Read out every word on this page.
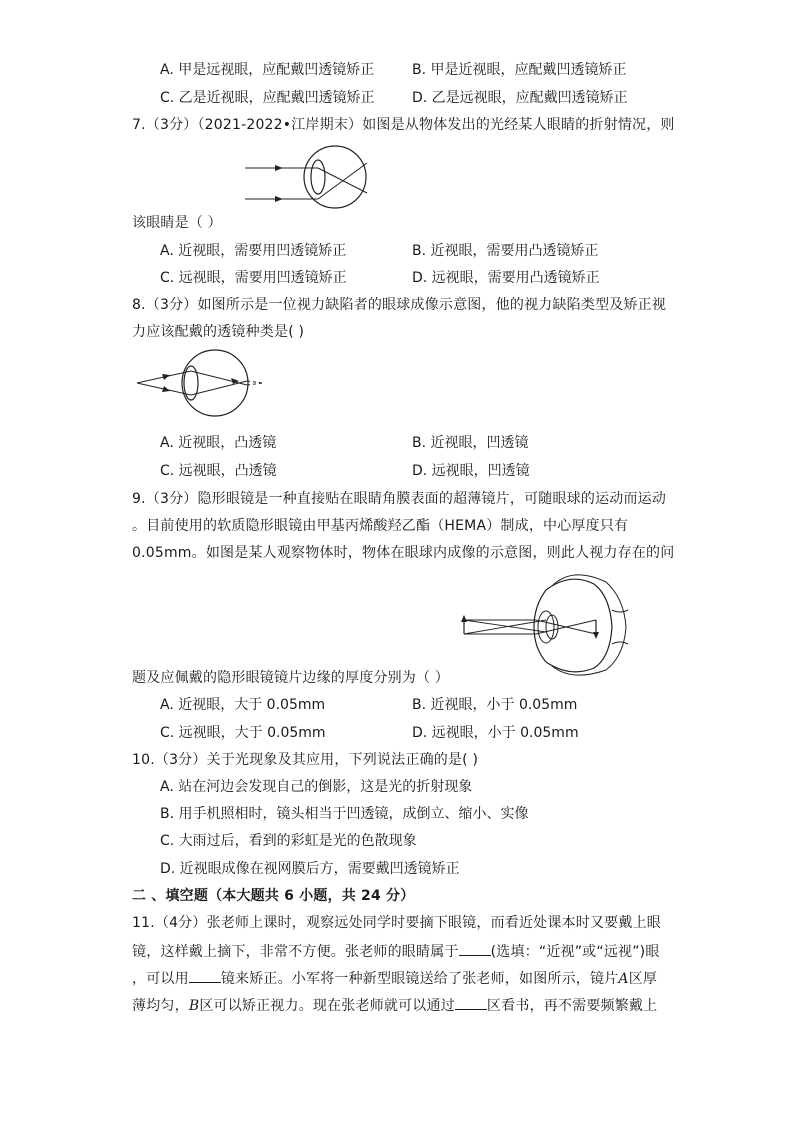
A. 甲是远视眼，应配戴凹透镜矫正	B. 甲是近视眼，应配戴凹透镜矫正
C. 乙是近视眼，应配戴凹透镜矫正	D. 乙是远视眼，应配戴凹透镜矫正
7.（3分）（2021-2022•江岸期末）如图是从物体发出的光经某人眼睛的折射情况，则
该眼睛是（ ）
A. 近视眼，需要用凹透镜矫正	B. 近视眼，需要用凸透镜矫正
C. 远视眼，需要用凹透镜矫正	D. 远视眼，需要用凸透镜矫正
8.（3分）如图所示是一位视力缺陷者的眼球成像示意图，他的视力缺陷类型及矫正视
力应该配戴的透镜种类是( )
A. 近视眼，凸透镜	B. 近视眼，凹透镜
C. 远视眼，凸透镜	D. 远视眼，凹透镜
9.（3分）隐形眼镜是一种直接贴在眼睛角膜表面的超薄镜片，可随眼球的运动而运动
。目前使用的软质隐形眼镜由甲基丙烯酸羟乙酯（HEMA）制成，中心厚度只有
0.05mm。如图是某人观察物体时，物体在眼球内成像的示意图，则此人视力存在的问
题及应佩戴的隐形眼镜镜片边缘的厚度分别为（ ）
A. 近视眼，大于 0.05mm	B. 近视眼，小于 0.05mm
C. 远视眼，大于 0.05mm	D. 远视眼，小于 0.05mm
10.（3分）关于光现象及其应用，下列说法正确的是( )
A. 站在河边会发现自己的倒影，这是光的折射现象
B. 用手机照相时，镜头相当于凹透镜，成倒立、缩小、实像
C. 大雨过后，看到的彩虹是光的色散现象
D. 近视眼成像在视网膜后方，需要戴凹透镜矫正
二 、填空题（本大题共 6 小题，共 24 分）
11.（4分）张老师上课时，观察远处同学时要摘下眼镜，而看近处课本时又要戴上眼
镜，这样戴上摘下，非常不方便。张老师的眼睛属于 (选填：“近视”或“远视”)眼
，可以用 镜来矫正。小军将一种新型眼镜送给了张老师，如图所示，镜片A区厚
薄均匀，B区可以矫正视力。现在张老师就可以通过 区看书，再不需要频繁戴上
